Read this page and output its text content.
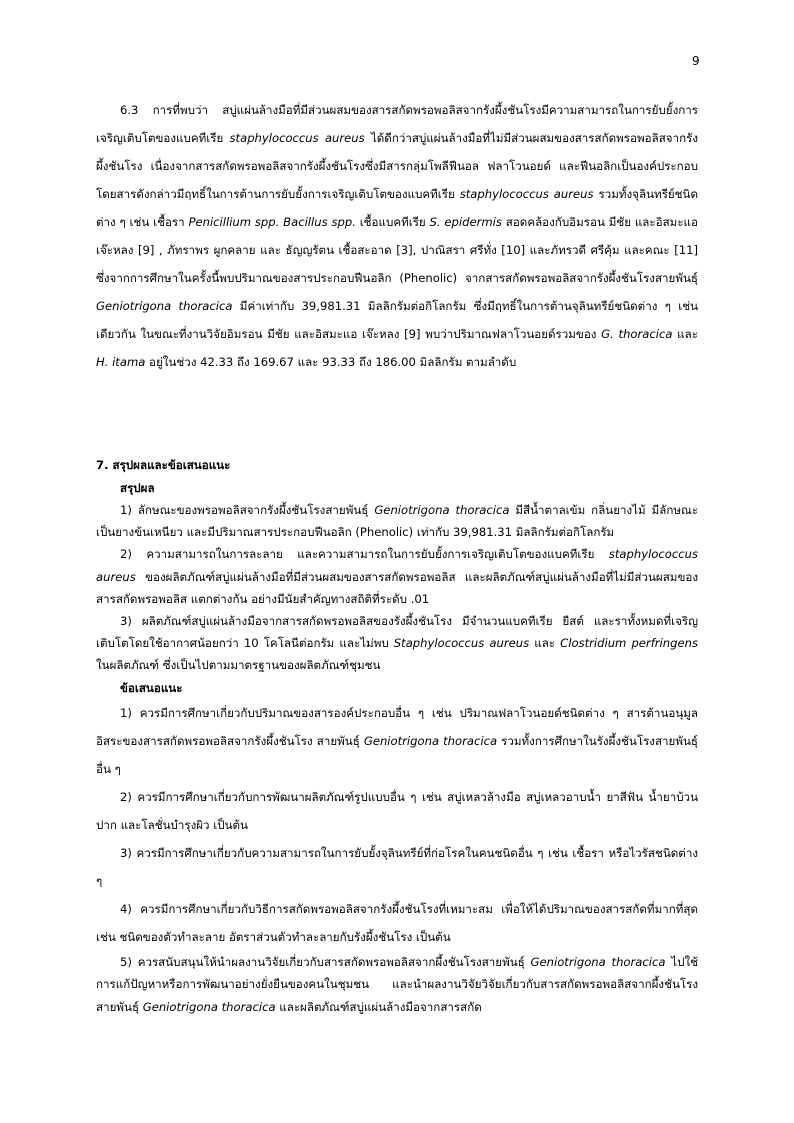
9

6.3 การที่พบว่า สบู่แผ่นล้างมือที่มีส่วนผสมของสารสกัดพรอพอลิสจากรังผึ้งชันโรงมีความสามารถในการยับยั้งการเจริญเติบโตของแบคทีเรีย staphylococcus aureus ได้ดีกว่าสบู่แผ่นล้างมือที่ไม่มีส่วนผสมของสารสกัดพรอพอลิสจากรังผึ้งชันโรง เนื่องจากสารสกัดพรอพอลิสจากรังผึ้งชันโรงซึ่งมีสารกลุ่มโพลีฟีนอล ฟลาโวนอยด์ และฟีนอลิกเป็นองค์ประกอบโดยสารดังกล่าวมีฤทธิ์ในการต้านการยับยั้งการเจริญเติบโตของแบคทีเรีย staphylococcus aureus รวมทั้งจุลินทรีย์ชนิดต่าง ๆ เช่น เชื้อรา Penicillium spp. Bacillus spp. เชื้อแบคทีเรีย S. epidermis สอดคล้องกับอิมรอน มีชัย และอิสมะแอ เจ๊ะหลง [9] , ภัทราพร ผูกคลาย และ ธัญญรัตน เชื้อสะอาด [3], ปาณิสรา ศรีทั่ง [10] และภัทรวดี ศรีคุ้ม และคณะ [11] ซึ่งจากการศึกษาในครั้งนี้พบปริมาณของสารประกอบฟีนอลิก (Phenolic) จากสารสกัดพรอพอลิสจากรังผึ้งชันโรงสายพันธุ์ Geniotrigona thoracica มีค่าเท่ากับ 39,981.31 มิลลิกรัมต่อกิโลกรัม ซึ่งมีฤทธิ์ในการต้านจุลินทรีย์ชนิดต่าง ๆ เช่นเดียวกัน ในขณะที่งานวิจัยอิมรอน มีชัย และอิสมะแอ เจ๊ะหลง [9] พบว่าปริมาณฟลาโวนอยด์รวมของ G. thoracica และ H. itama อยู่ในช่วง 42.33 ถึง 169.67 และ 93.33 ถึง 186.00 มิลลิกรัม ตามลำดับ

7. สรุปผลและข้อเสนอแนะ
สรุปผล
1) ลักษณะของพรอพอลิสจากรังผึ้งชันโรงสายพันธุ์ Geniotrigona thoracica มีสีน้ำตาลเข้ม กลิ่นยางไม้ มีลักษณะเป็นยางข้นเหนียว และมีปริมาณสารประกอบฟีนอลิก (Phenolic) เท่ากับ 39,981.31 มิลลิกรัมต่อกิโลกรัม
2) ความสามารถในการละลาย และความสามารถในการยับยั้งการเจริญเติบโตของแบคทีเรีย staphylococcus aureus ของผลิตภัณฑ์สบู่แผ่นล้างมือที่มีส่วนผสมของสารสกัดพรอพอลิส และผลิตภัณฑ์สบู่แผ่นล้างมือที่ไม่มีส่วนผสมของสารสกัดพรอพอลิส แตกต่างกัน อย่างมีนัยสำคัญทางสถิติที่ระดับ .01
3) ผลิตภัณฑ์สบู่แผ่นล้างมือจากสารสกัดพรอพอลิสของรังผึ้งชันโรง มีจำนวนแบคทีเรีย ยีสต์ และราทั้งหมดที่เจริญเติบโตโดยใช้อากาศน้อยกว่า 10 โคโลนีต่อกรัม และไม่พบ Staphylococcus aureus และ Clostridium perfringens ในผลิตภัณฑ์ ซึ่งเป็นไปตามมาตรฐานของผลิตภัณฑ์ชุมชน
ข้อเสนอแนะ
1) ควรมีการศึกษาเกี่ยวกับปริมาณของสารองค์ประกอบอื่น ๆ เช่น ปริมาณฟลาโวนอยด์ชนิดต่าง ๆ สารต้านอนุมูลอิสระของสารสกัดพรอพอลิสจากรังผึ้งชันโรง สายพันธุ์ Geniotrigona thoracica รวมทั้งการศึกษาในรังผึ้งชันโรงสายพันธุ์อื่น ๆ
2) ควรมีการศึกษาเกี่ยวกับการพัฒนาผลิตภัณฑ์รูปแบบอื่น ๆ เช่น สบู่เหลวล้างมือ สบู่เหลวอาบน้ำ ยาสีฟัน น้ำยาบ้วนปาก และโลชั่นบำรุงผิว เป็นต้น
3) ควรมีการศึกษาเกี่ยวกับความสามารถในการยับยั้งจุลินทรีย์ที่ก่อโรคในคนชนิดอื่น ๆ เช่น เชื้อรา หรือไวรัสชนิดต่าง ๆ
4) ควรมีการศึกษาเกี่ยวกับวิธีการสกัดพรอพอลิสจากรังผึ้งชันโรงที่เหมาะสม เพื่อให้ได้ปริมาณของสารสกัดที่มากที่สุด เช่น ชนิดของตัวทำละลาย อัตราส่วนตัวทำละลายกับรังผึ้งชันโรง เป็นต้น
5) ควรสนับสนุนให้นำผลงานวิจัยเกี่ยวกับสารสกัดพรอพอลิสจากผึ้งชันโรงสายพันธุ์ Geniotrigona thoracica ไปใช้การแก้ปัญหาหรือการพัฒนาอย่างยั่งยืนของคนในชุมชน และนำผลงานวิจัยวิจัยเกี่ยวกับสารสกัดพรอพอลิสจากผึ้งชันโรงสายพันธุ์ Geniotrigona thoracica และผลิตภัณฑ์สบู่แผ่นล้างมือจากสารสกัด
